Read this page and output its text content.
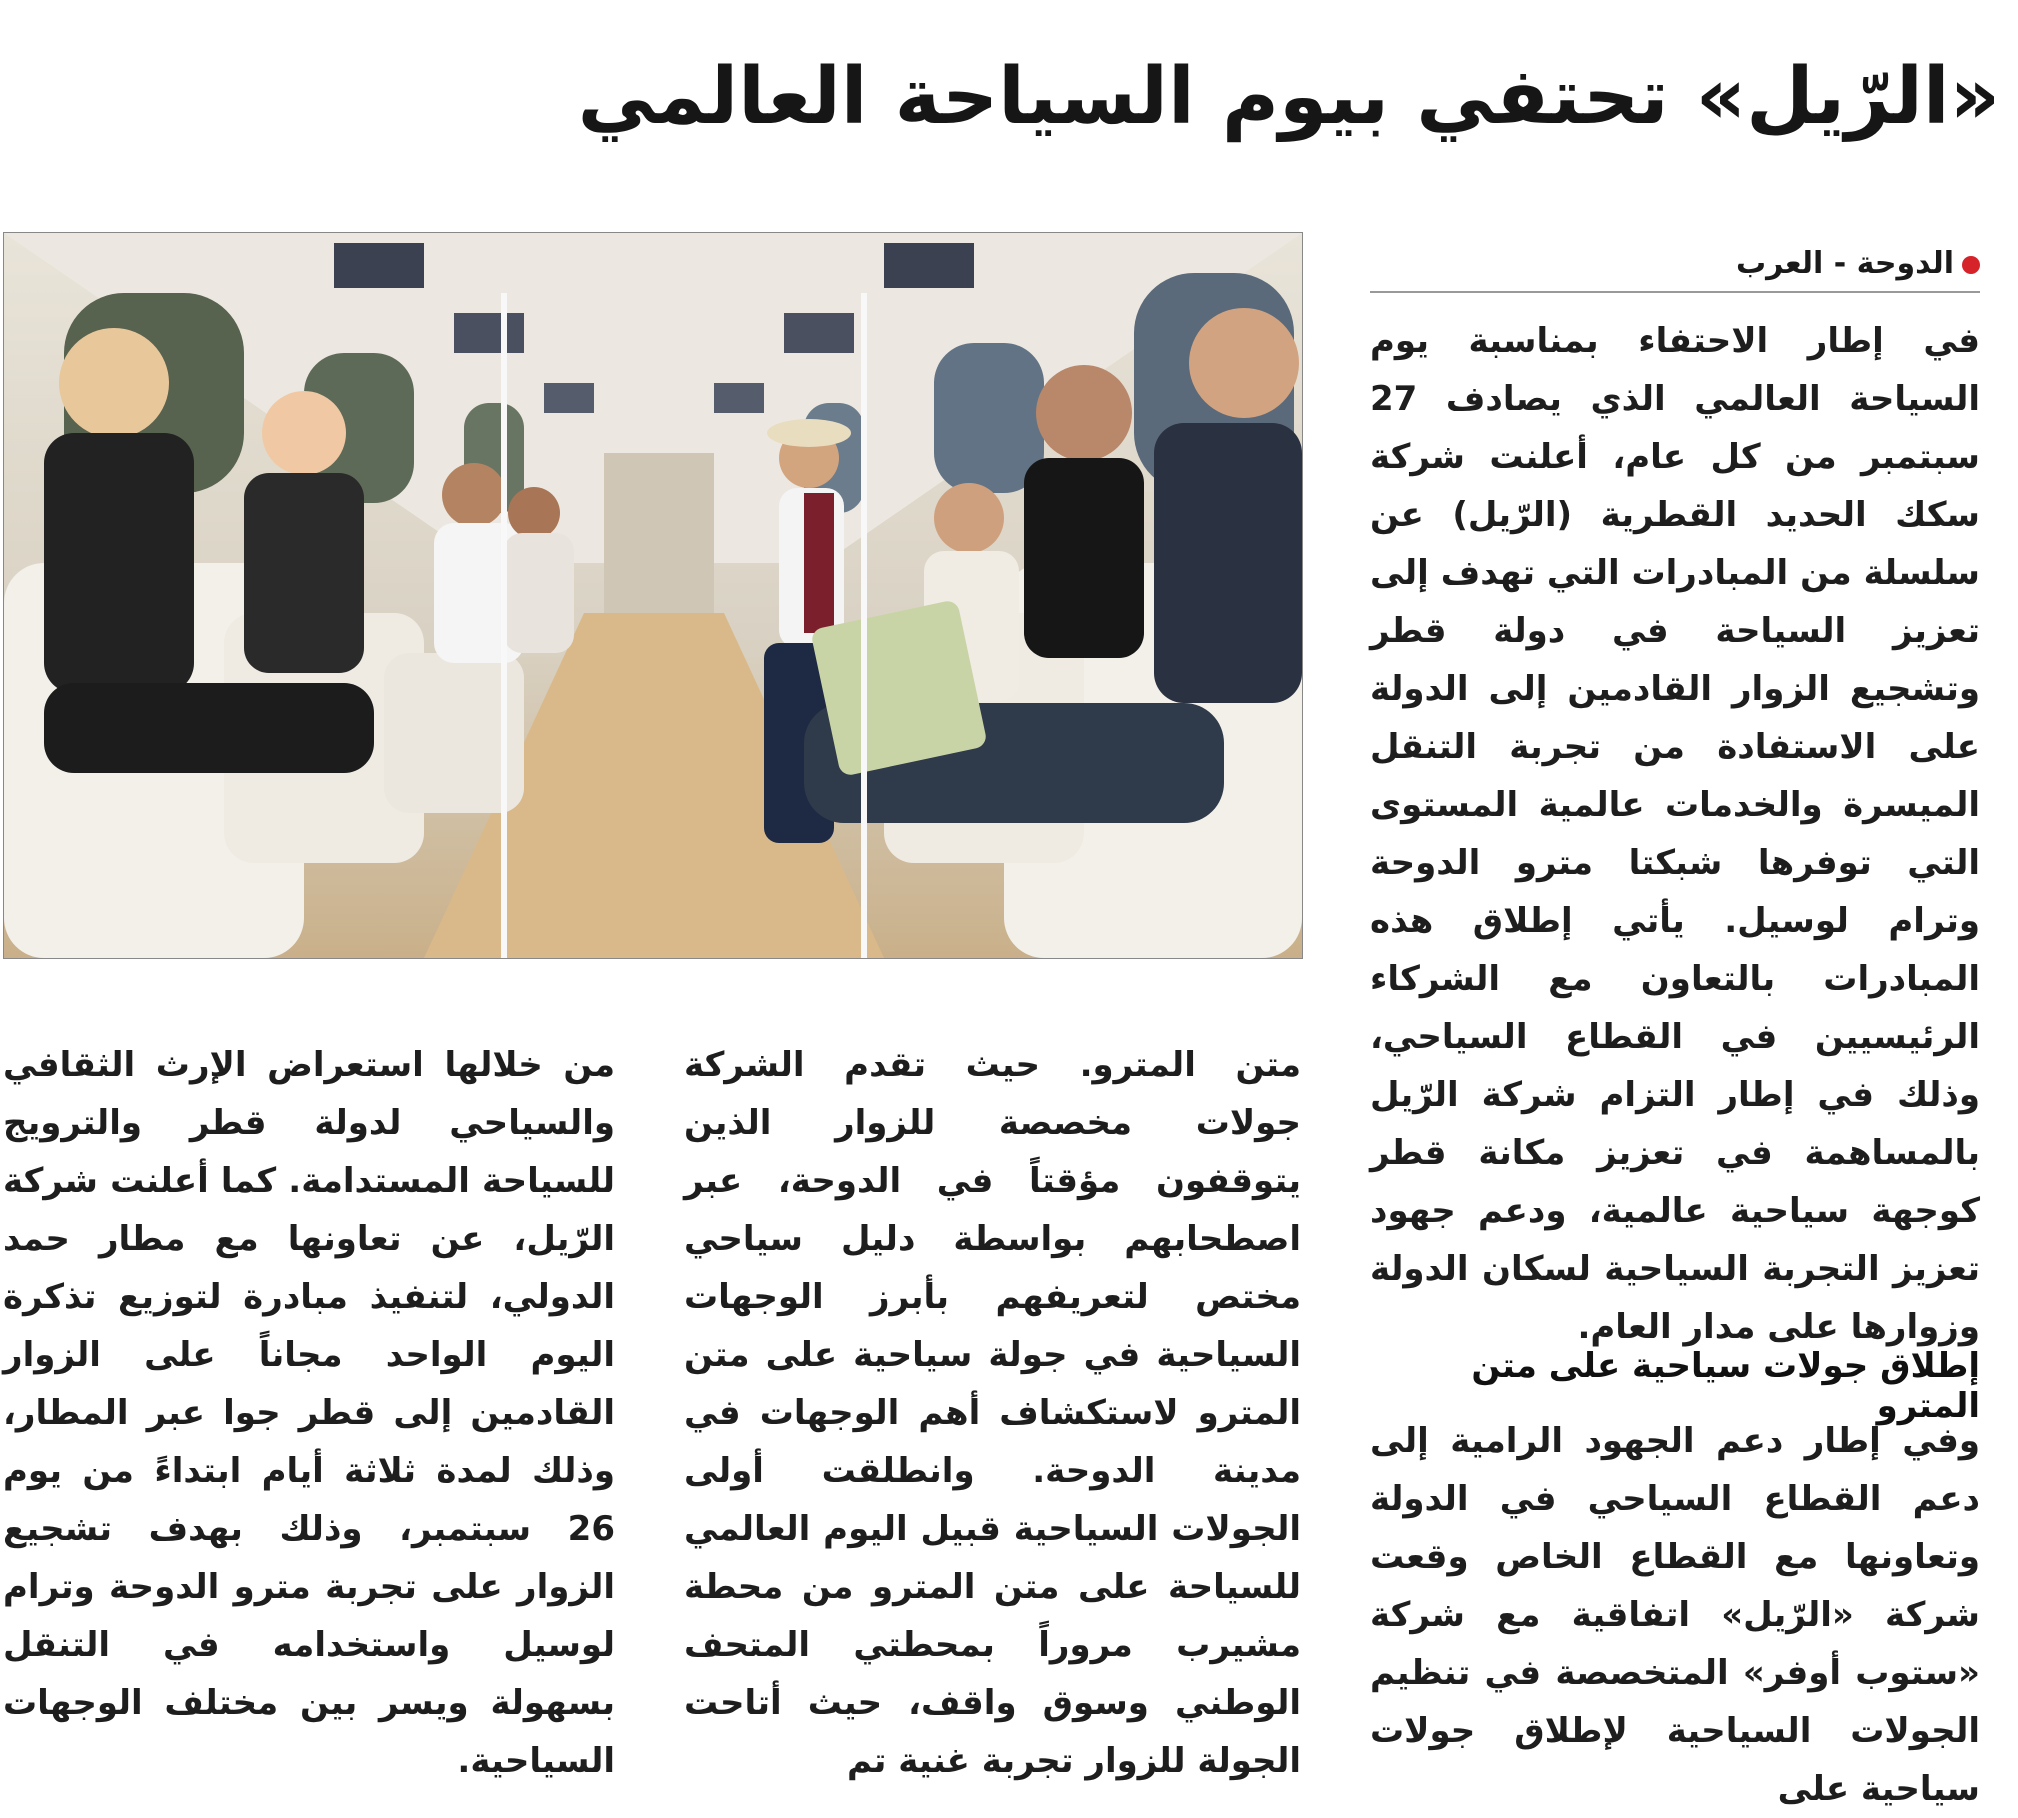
«الرّيل» تحتفي بيوم السياحة العالمي
الدوحة - العرب

في إطار الاحتفاء بمناسبة يوم السياحة العالمي الذي يصادف 27 سبتمبر من كل عام، أعلنت شركة سكك الحديد القطرية (الرّيل) عن سلسلة من المبادرات التي تهدف إلى تعزيز السياحة في دولة قطر وتشجيع الزوار القادمين إلى الدولة على الاستفادة من تجربة التنقل الميسرة والخدمات عالمية المستوى التي توفرها شبكتا مترو الدوحة وترام لوسيل. يأتي إطلاق هذه المبادرات بالتعاون مع الشركاء الرئيسيين في القطاع السياحي، وذلك في إطار التزام شركة الرّيل بالمساهمة في تعزيز مكانة قطر كوجهة سياحية عالمية، ودعم جهود تعزيز التجربة السياحية لسكان الدولة وزوارها على مدار العام.

إطلاق جولات سياحية على متن المترو

وفي إطار دعم الجهود الرامية إلى دعم القطاع السياحي في الدولة وتعاونها مع القطاع الخاص وقعت شركة «الرّيل» اتفاقية مع شركة «ستوب أوفر» المتخصصة في تنظيم الجولات السياحية لإطلاق جولات سياحية على

متن المترو. حيث تقدم الشركة جولات مخصصة للزوار الذين يتوقفون مؤقتاً في الدوحة، عبر اصطحابهم بواسطة دليل سياحي مختص لتعريفهم بأبرز الوجهات السياحية في جولة سياحية على متن المترو لاستكشاف أهم الوجهات في مدينة الدوحة. وانطلقت أولى الجولات السياحية قبيل اليوم العالمي للسياحة على متن المترو من محطة مشيرب مروراً بمحطتي المتحف الوطني وسوق واقف، حيث أتاحت الجولة للزوار تجربة غنية تم

من خلالها استعراض الإرث الثقافي والسياحي لدولة قطر والترويج للسياحة المستدامة. كما أعلنت شركة الرّيل، عن تعاونها مع مطار حمد الدولي، لتنفيذ مبادرة لتوزيع تذكرة اليوم الواحد مجاناً على الزوار القادمين إلى قطر جوا عبر المطار، وذلك لمدة ثلاثة أيام ابتداءً من يوم 26 سبتمبر، وذلك بهدف تشجيع الزوار على تجربة مترو الدوحة وترام لوسيل واستخدامه في التنقل بسهولة ويسر بين مختلف الوجهات السياحية.
